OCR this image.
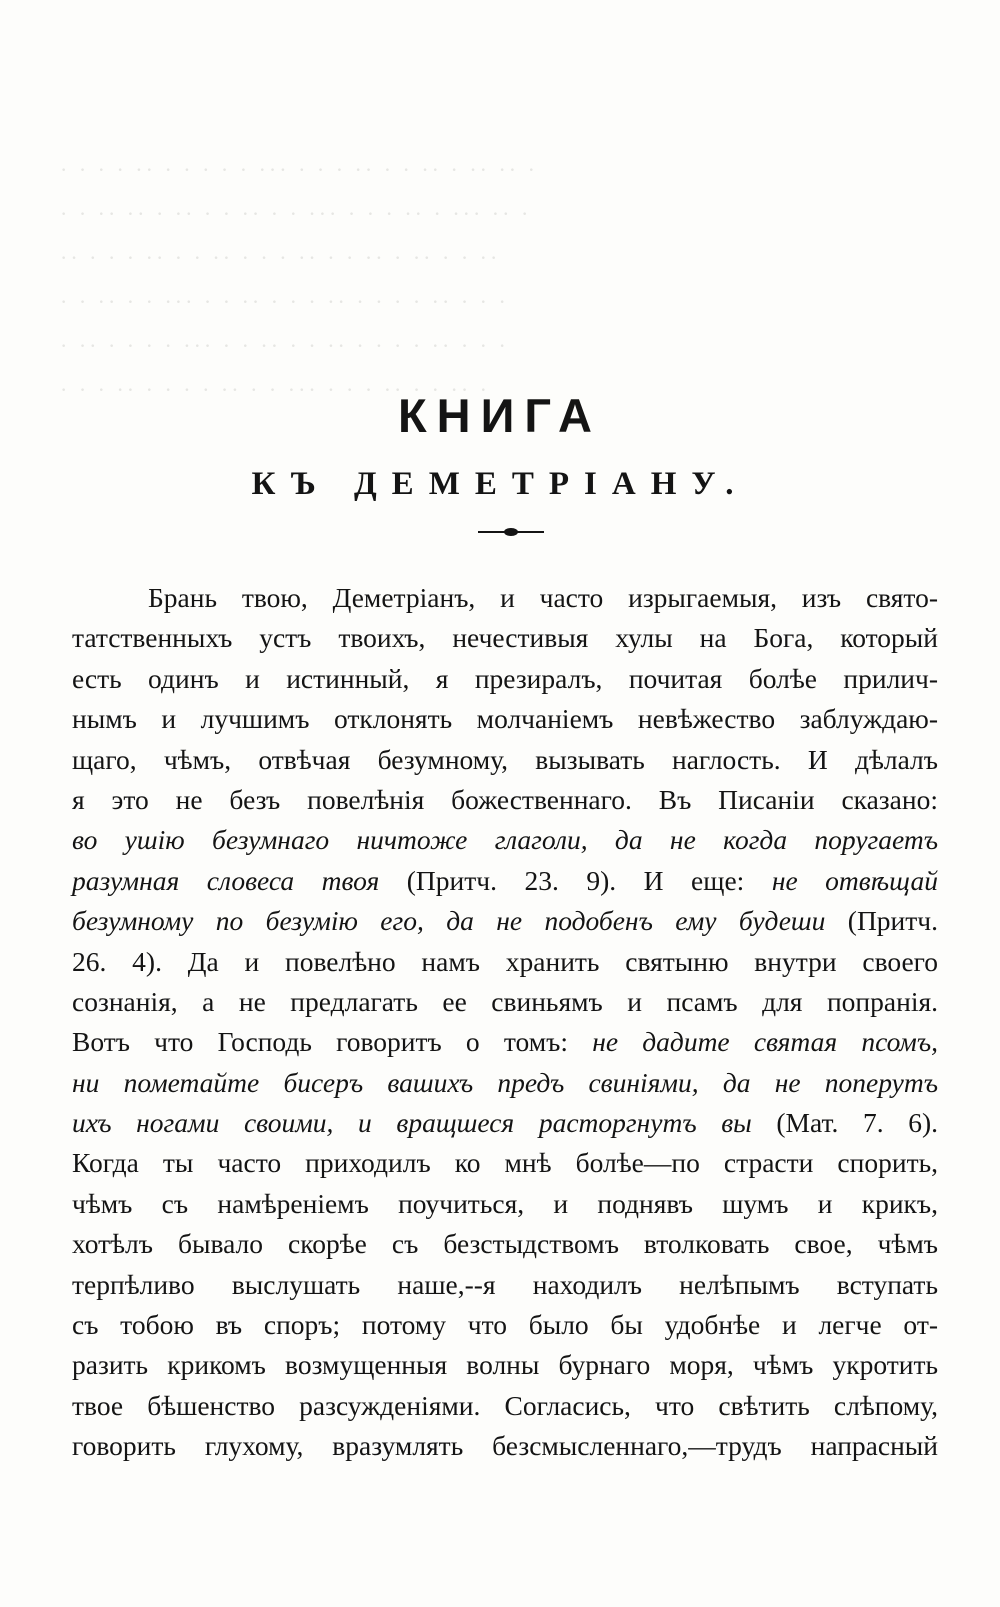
· · · · ·· · · · · · ··· · · · ·· · · ·· · ·· ·· ·
· · ·· ·· · ·· · · ·· · · ··· · · · ·· · ··· ·· ·
·· · · · ·· · · ·· · · · ·· · · ·· · ·· · · ··
· · ·· · · ··· · · ·· · · · ·· · · · · ·· · · ·
· ·· · · · · ··· · · ·· · · ·· · · · · ·· · · ·
· · · ·· · · · · ·· · · ··· · · · ·· · · ·· ·
КНИГА
КЪ ДЕМЕТРІАНУ.
Брань твою, Деметріанъ, и часто изрыгаемыя, изъ свято-
татственныхъ устъ твоихъ, нечестивыя хулы на Бога, который
есть одинъ и истинный, я презиралъ, почитая болѣе прилич-
нымъ и лучшимъ отклонять молчаніемъ невѣжество заблуждаю-
щаго, чѣмъ, отвѣчая безумному, вызывать наглость. И дѣлалъ
я это не безъ повелѣнія божественнаго. Въ Писаніи сказано:
во ушію безумнаго ничтоже глаголи, да не когда поругаетъ
разумная словеса твоя (Притч. 23. 9). И еще: не отвѣщай
безумному по безумію его, да не подобенъ ему будеши (Притч.
26. 4). Да и повелѣно намъ хранить святыню внутри своего
сознанія, а не предлагать ее свиньямъ и псамъ для попранія.
Вотъ что Господь говоритъ о томъ: не дадите святая псомъ,
ни пометайте бисеръ вашихъ предъ свиніями, да не поперутъ
ихъ ногами своими, и вращшеся расторгнутъ вы (Мат. 7. 6).
Когда ты часто приходилъ ко мнѣ болѣе—по страсти спорить,
чѣмъ съ намѣреніемъ поучиться, и поднявъ шумъ и крикъ,
хотѣлъ бывало скорѣе съ безстыдствомъ втолковать свое, чѣмъ
терпѣливо выслушать наше,--я находилъ нелѣпымъ вступать
съ тобою въ споръ; потому что было бы удобнѣе и легче от-
разить крикомъ возмущенныя волны бурнаго моря, чѣмъ укротить
твое бѣшенство разсужденіями. Согласись, что свѣтить слѣпому,
говорить глухому, вразумлять безсмысленнаго,—трудъ напрасный
